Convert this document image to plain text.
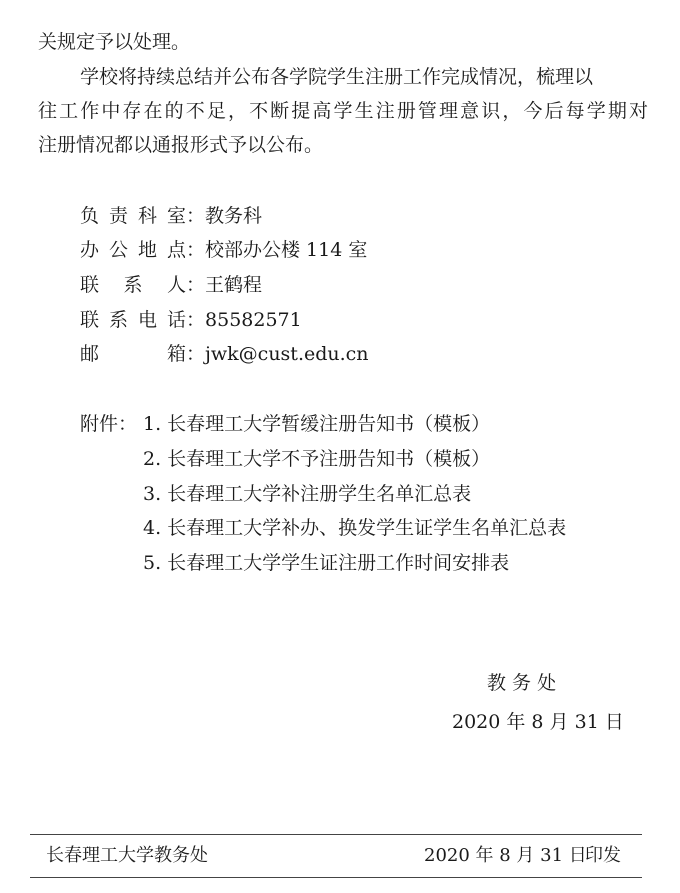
关规定予以处理。
学校将持续总结并公布各学院学生注册工作完成情况，梳理以
往工作中存在的不足，不断提高学生注册管理意识，今后每学期对
注册情况都以通报形式予以公布。
负责科室 ： 教务科
办公地点 ： 校部办公楼 114 室
联 系 人 ： 王鹤程
联系电话 ： 85582571
邮    箱 ： jwk@cust.edu.cn
附件： 1. 长春理工大学暂缓注册告知书（模板）
2. 长春理工大学不予注册告知书（模板）
3. 长春理工大学补注册学生名单汇总表
4. 长春理工大学补办、换发学生证学生名单汇总表
5. 长春理工大学学生证注册工作时间安排表
教 务 处
2020 年 8 月 31 日
长春理工大学教务处	2020 年 8 月 31 日
印发
